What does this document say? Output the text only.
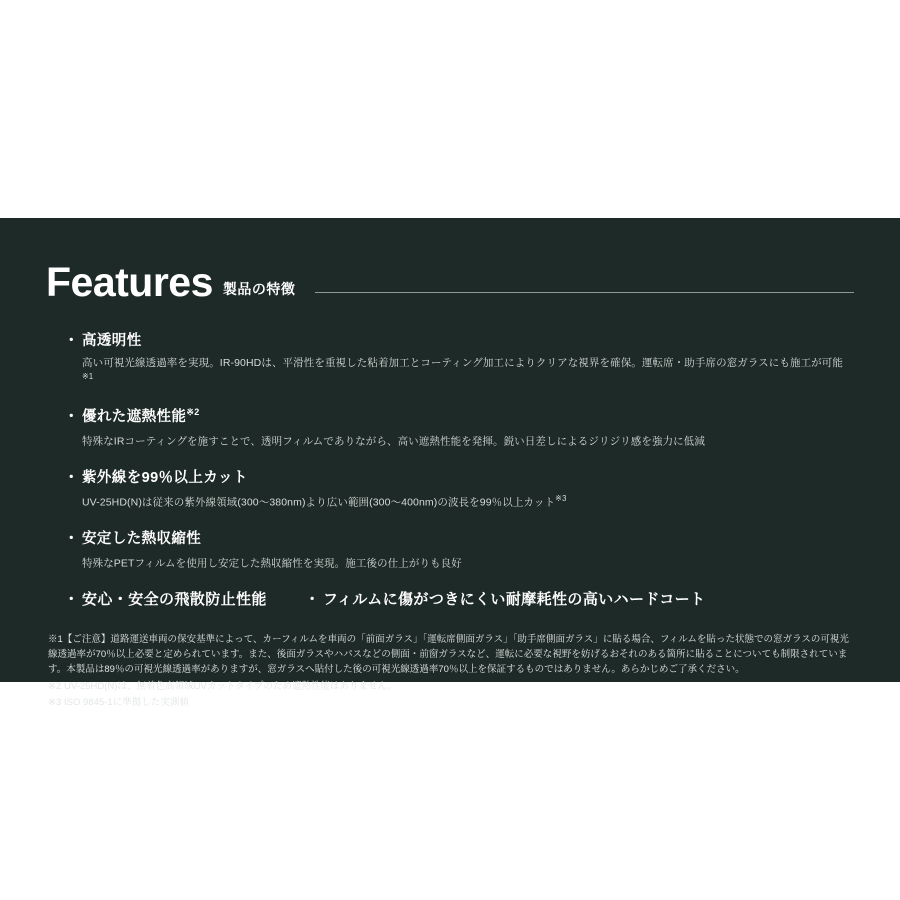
Features 製品の特徴
・ 高透明性
高い可視光線透過率を実現。IR-90HDは、平滑性を重視した粘着加工とコーティング加工によりクリアな視界を確保。運転席・助手席の窓ガラスにも施工が可能$^{※1}$
・ 優れた遮熱性能$^{※2}$
特殊なIRコーティングを施すことで、透明フィルムでありながら、高い遮熱性能を発揮。鋭い日差しによるジリジリ感を強力に低減
・ 紫外線を99％以上カット
UV-25HD(N)は従来の紫外線領域(300～380nm)より広い範囲(300～400nm)の波長を99％以上カット$^{※3}$
・ 安定した熱収縮性
特殊なPETフィルムを使用し安定した熱収縮性を実現。施工後の仕上がりも良好
・ 安心・安全の飛散防止性能	・ フィルムに傷がつきにくい耐摩耗性の高いハードコート
※1【ご注意】道路運送車両の保安基準によって、カーフィルムを車両の「前面ガラス」「運転席側面ガラス」「助手席側面ガラス」に貼る場合、フィルムを貼った状態での窓ガラスの可視光線透過率が70％以上必要と定められています。また、後面ガラスやハパスなどの側面・前窗ガラスなど、運転に必要な視野を妨げるおそれのある箇所に貼ることについても制限されています。本製品は89％の可視光線透過率がありますが、窓ガラスへ貼付した後の可視光線透過率70％以上を保証するものではありません。あらかじめご了承ください。
※2 UV-25HD(N)は、無着色高領域UVカットタイプのため遮熱性能はありません。
※3 ISO 9845-1に準拠した実測値
